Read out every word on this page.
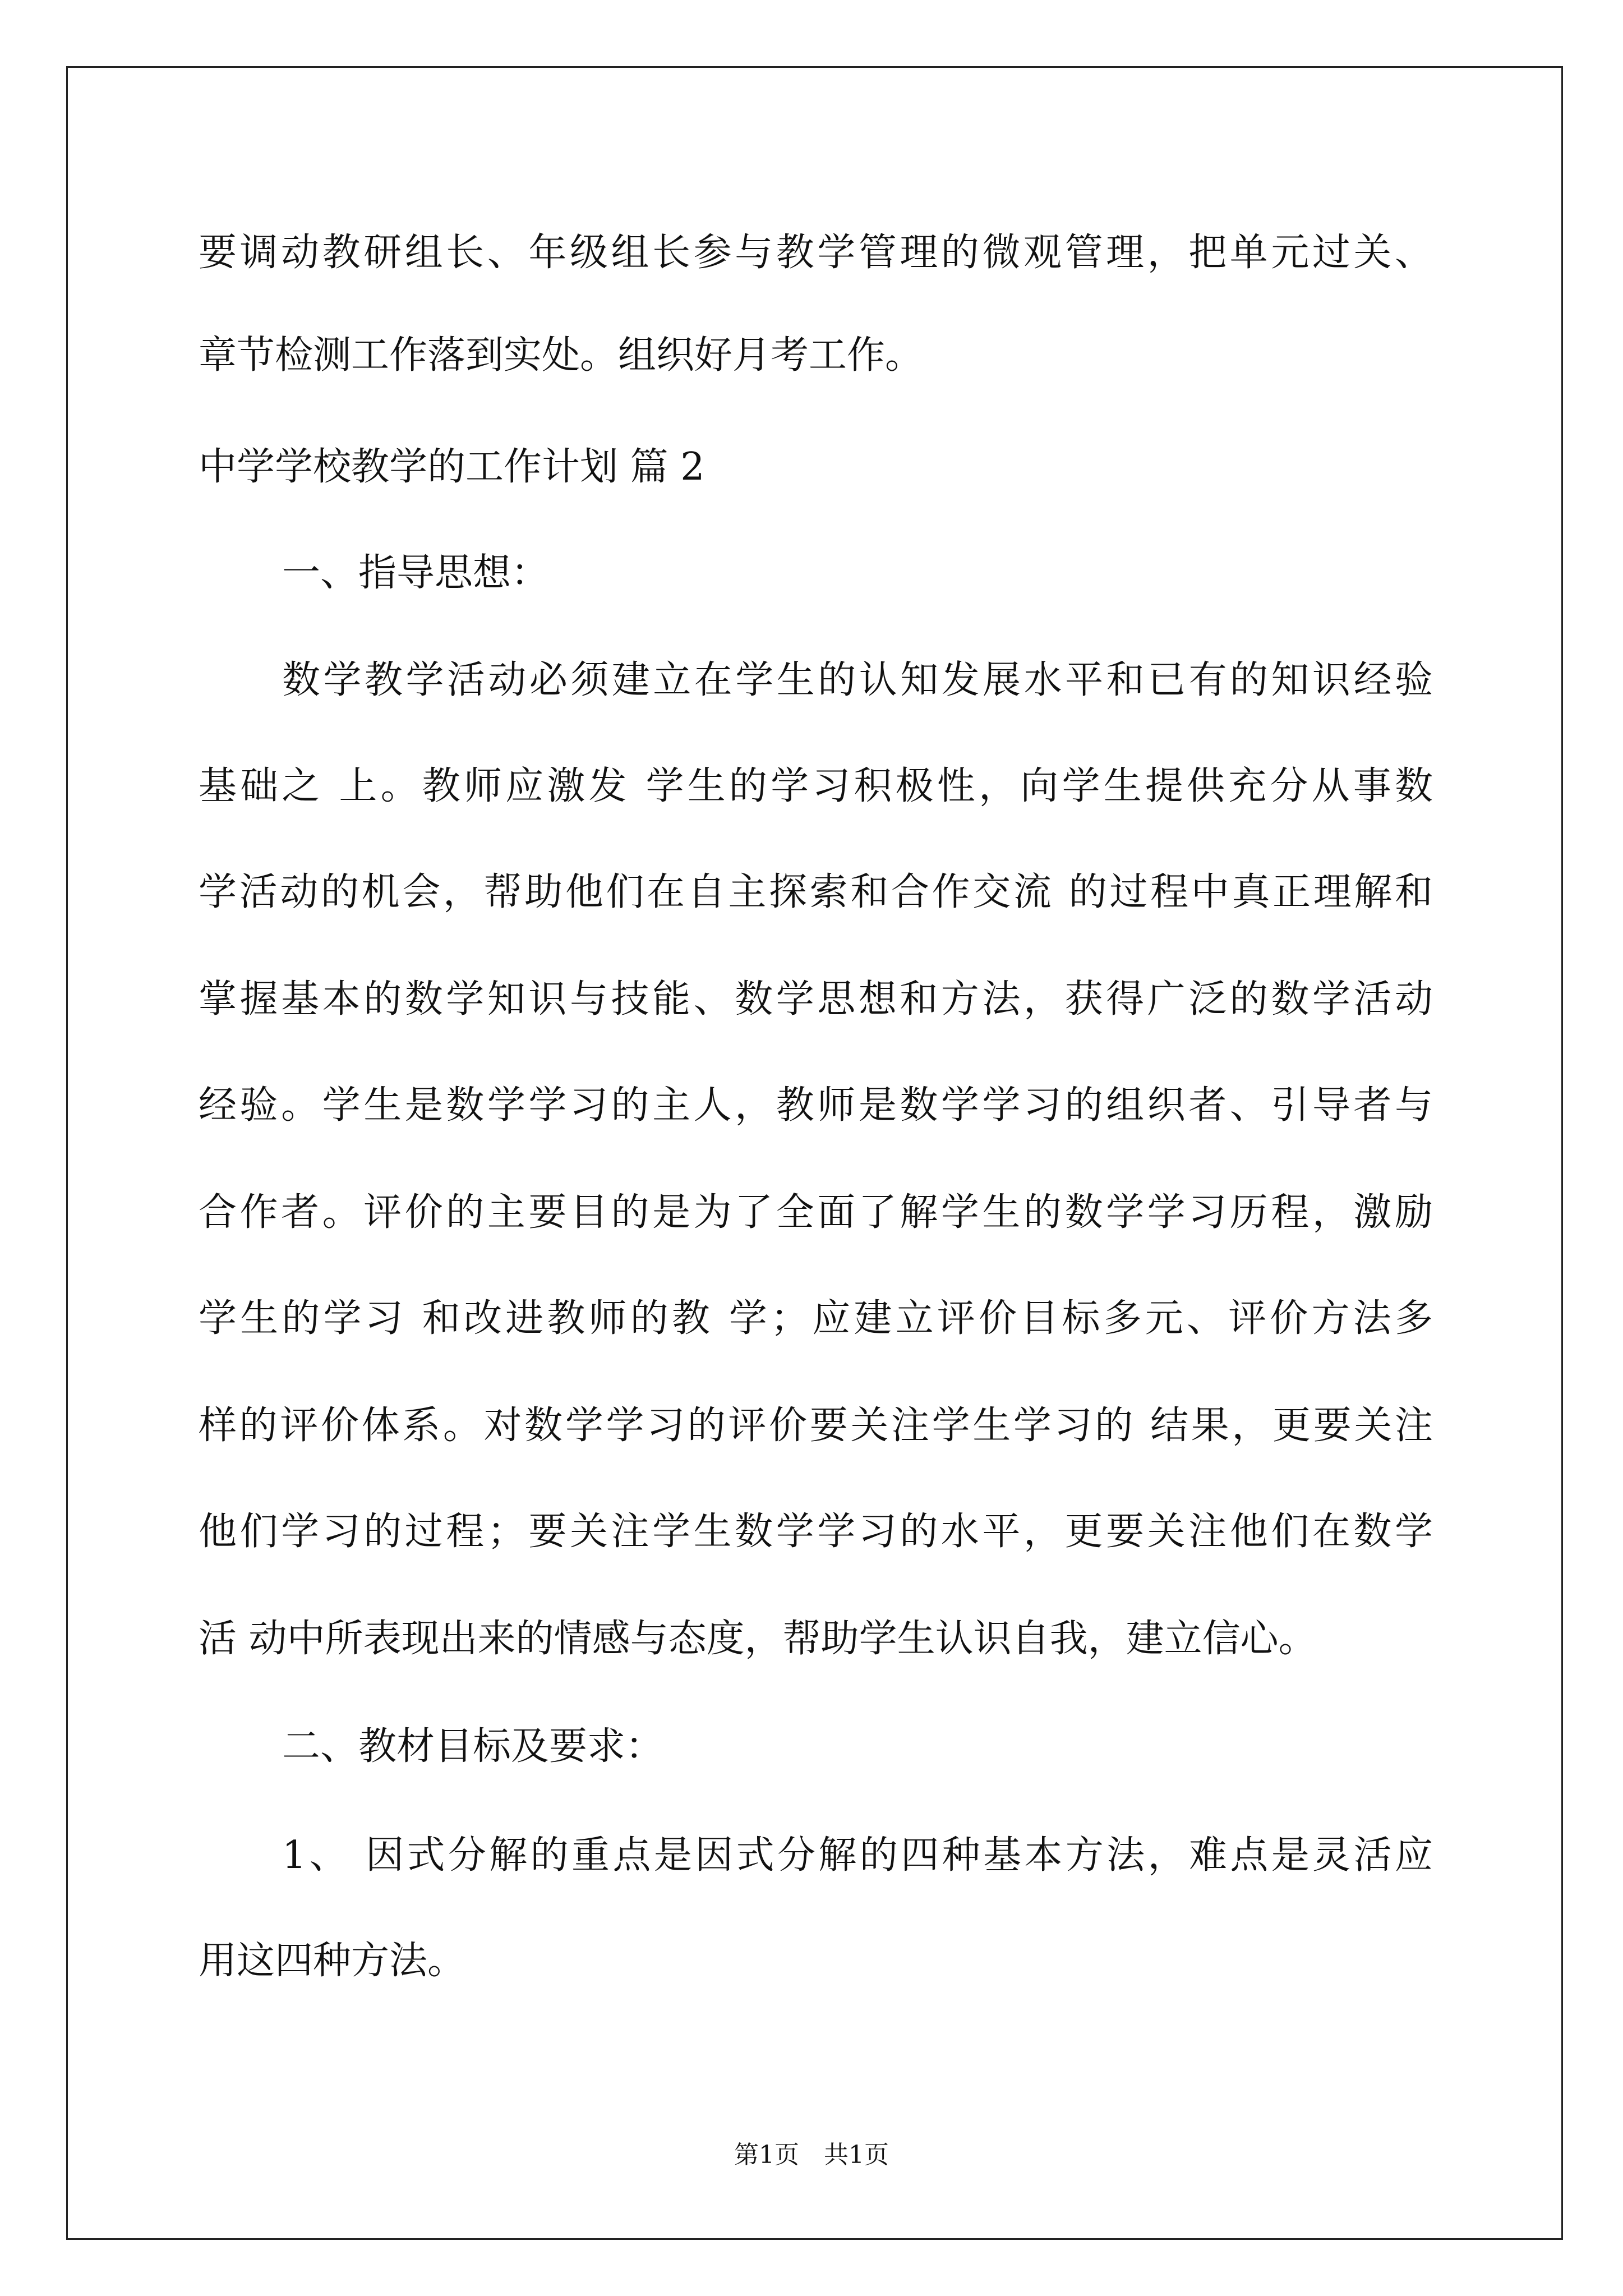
要调动教研组长、年级组长参与教学管理的微观管理，把单元过关、
章节检测工作落到实处。组织好月考工作。
中学学校教学的工作计划 篇 2
一、指导思想：
数学教学活动必须建立在学生的认知发展水平和已有的知识经验
基础之 上。教师应激发 学生的学习积极性，向学生提供充分从事数
学活动的机会，帮助他们在自主探索和合作交流 的过程中真正理解和
掌握基本的数学知识与技能、数学思想和方法，获得广泛的数学活动
经验。学生是数学学习的主人，教师是数学学习的组织者、引导者与
合作者。评价的主要目的是为了全面了解学生的数学学习历程，激励
学生的学习 和改进教师的教 学；应建立评价目标多元、评价方法多
样的评价体系。对数学学习的评价要关注学生学习的 结果，更要关注
他们学习的过程；要关注学生数学学习的水平，更要关注他们在数学
活 动中所表现出来的情感与态度，帮助学生认识自我，建立信心。
二、教材目标及要求：
1、 因式分解的重点是因式分解的四种基本方法，难点是灵活应
用这四种方法。
第1页　共1页
